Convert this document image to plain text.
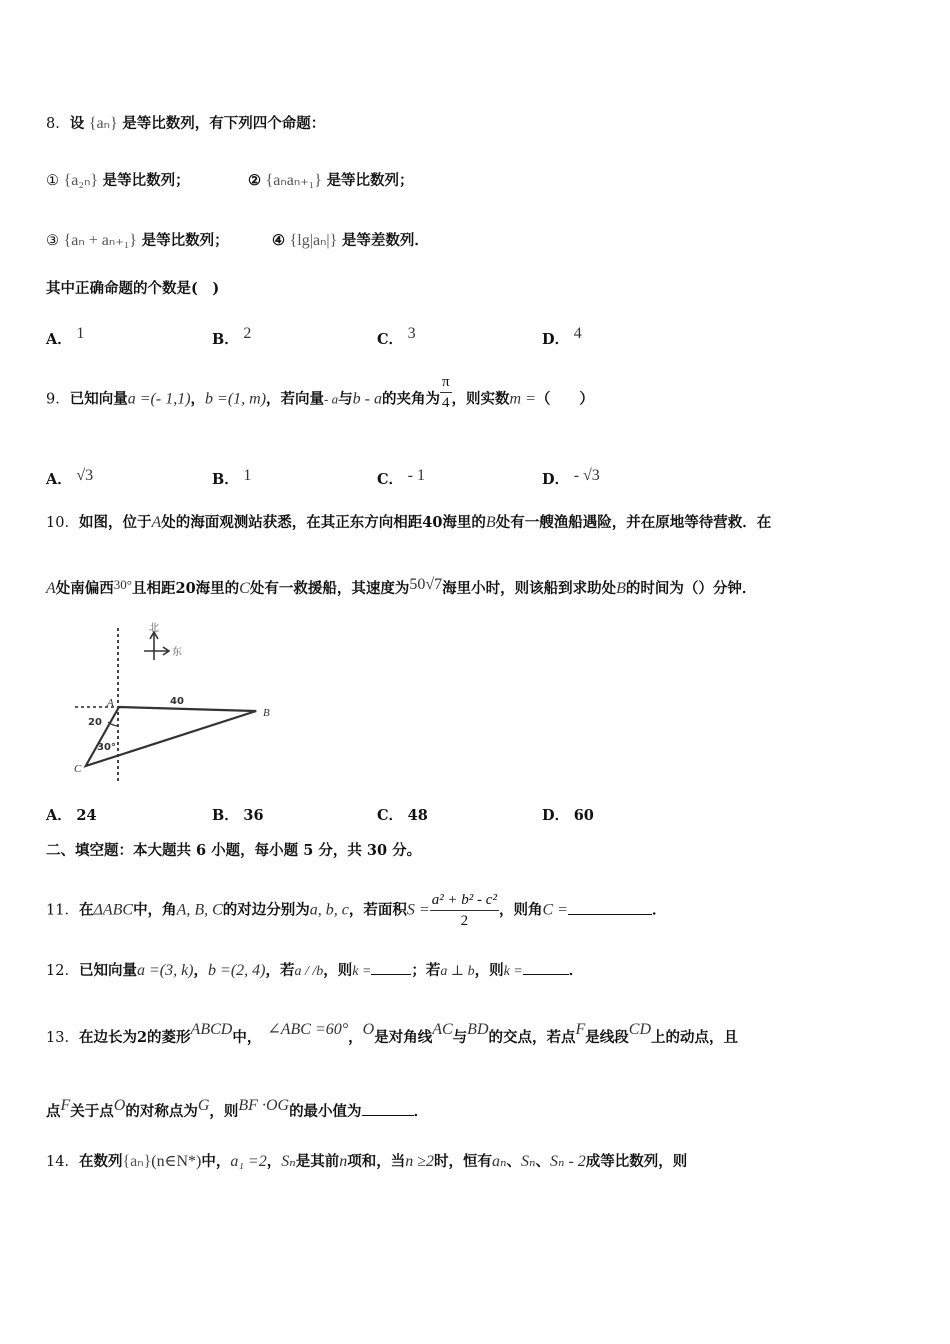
8．设 {aₙ} 是等比数列，有下列四个命题：
① {a₂ₙ} 是等比数列；	② {aₙaₙ₊₁} 是等比数列；
③ {aₙ + aₙ₊₁} 是等比数列；	④ {lg|aₙ|} 是等差数列．
其中正确命题的个数是(　)
A． 1	B． 2	C． 3	D． 4
9．已知向量a =(- 1,1)，b =(1, m)，若向量- a与b - a的夹角为 $\frac{\pi}{4}$ ，则实数m =（　　）
A． √3	B． 1	C． - 1	D． - √3
10．如图，位于A处的海面观测站获悉，在其正东方向相距40海里的B处有一艘渔船遇险，并在原地等待营救．在
A处南偏西30°且相距20海里的C处有一救援船，其速度为50√7海里小时，则该船到求助处B的时间为（）分钟．
北
东
A
B
C
40
20
30°
A． 24	B． 36	C． 48	D． 60
二、填空题：本大题共 6 小题，每小题 5 分，共 30 分。
11．在ΔABC中，角A, B, C的对边分别为a, b, c，若面积$S = \frac{\text{a² + b² - c²}}{2}$ ，则角C =	．
12．已知向量a =(3, k)，b =(2, 4)，若a / /b，则k =	；若a ⊥ b，则k =	．
13．在边长为2的菱形ABCD中， ∠ABC =60°，O是对角线AC与BD的交点，若点F是线段CD上的动点，且
点F关于点O的对称点为G，则BF ·OG的最小值为	．
14．在数列{aₙ}(n∈N*)中，a₁ =2，Sₙ是其前n项和，当n ≥2时，恒有aₙ、Sₙ、Sₙ - 2成等比数列，则
